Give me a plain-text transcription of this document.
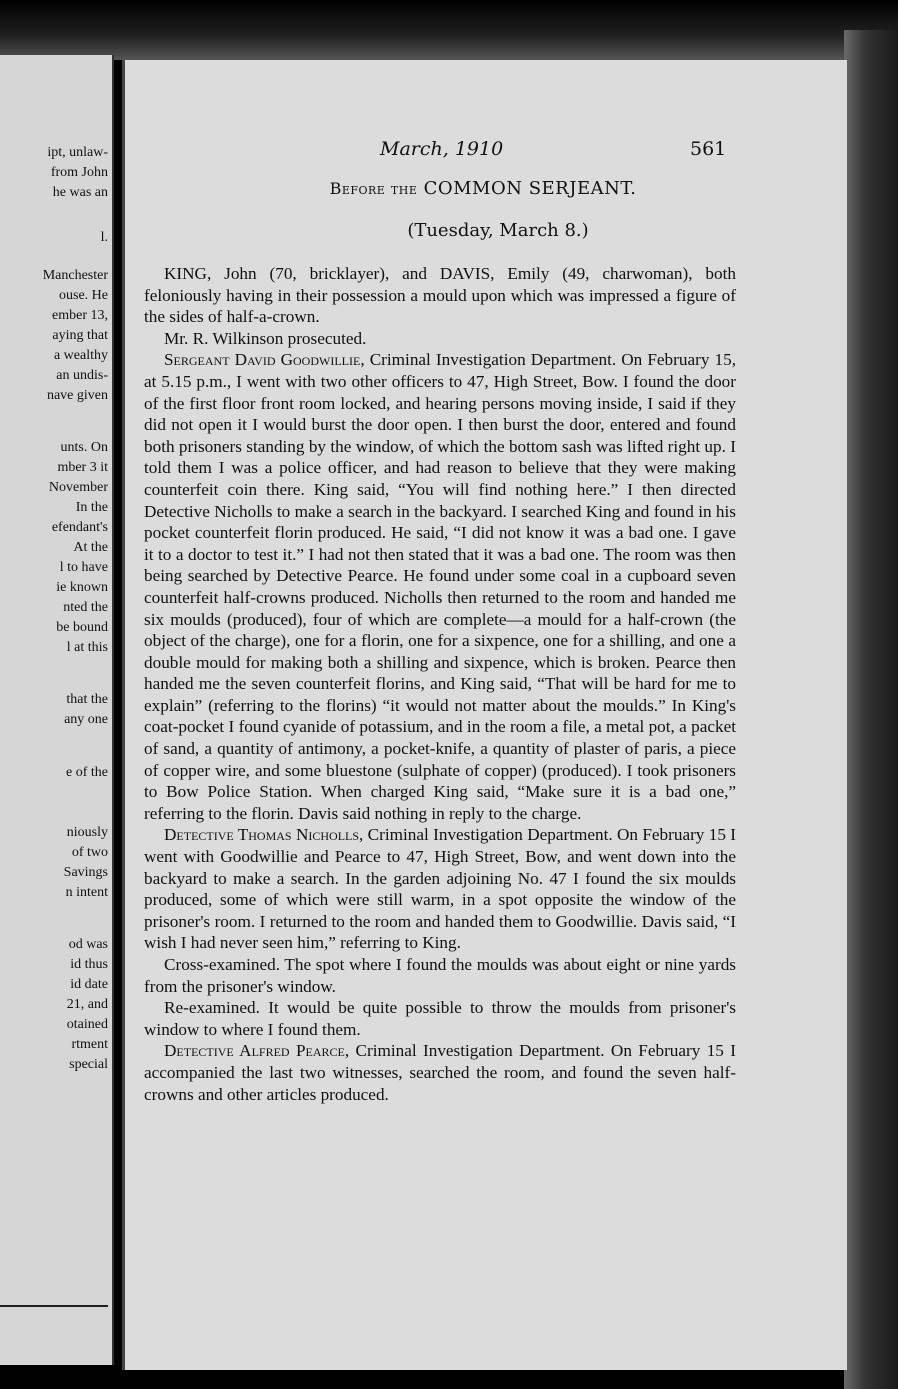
ipt, unlaw-
from John
he was an
l.
Manchester
ouse. He
ember 13,
aying that
a wealthy
an undis-
nave given
unts. On
mber 3 it
November
In the
efendant's
At the
l to have
ie known
nted the
be bound
l at this
that the
any one
e of the
niously
of two
Savings
n intent
od was
id thus
id date
21, and
otained
rtment
special
March, 1910	561
Before the COMMON SERJEANT.
(Tuesday, March 8.)

KING, John (70, bricklayer), and DAVIS, Emily (49, charwoman), both feloniously having in their possession a mould upon which was impressed a figure of the sides of half-a-crown.

Mr. R. Wilkinson prosecuted.

Sergeant David Goodwillie, Criminal Investigation Department. On February 15, at 5.15 p.m., I went with two other officers to 47, High Street, Bow. I found the door of the first floor front room locked, and hearing persons moving inside, I said if they did not open it I would burst the door open. I then burst the door, entered and found both prisoners standing by the window, of which the bottom sash was lifted right up. I told them I was a police officer, and had reason to believe that they were making counterfeit coin there. King said, “You will find nothing here.” I then directed Detective Nicholls to make a search in the backyard. I searched King and found in his pocket counterfeit florin produced. He said, “I did not know it was a bad one. I gave it to a doctor to test it.” I had not then stated that it was a bad one. The room was then being searched by Detective Pearce. He found under some coal in a cupboard seven counterfeit half-crowns produced. Nicholls then returned to the room and handed me six moulds (produced), four of which are complete—a mould for a half-crown (the object of the charge), one for a florin, one for a sixpence, one for a shilling, and one a double mould for making both a shilling and sixpence, which is broken. Pearce then handed me the seven counterfeit florins, and King said, “That will be hard for me to explain” (referring to the florins) “it would not matter about the moulds.” In King's coat-pocket I found cyanide of potassium, and in the room a file, a metal pot, a packet of sand, a quantity of antimony, a pocket-knife, a quantity of plaster of paris, a piece of copper wire, and some bluestone (sulphate of copper) (produced). I took prisoners to Bow Police Station. When charged King said, “Make sure it is a bad one,” referring to the florin. Davis said nothing in reply to the charge.

Detective Thomas Nicholls, Criminal Investigation Department. On February 15 I went with Goodwillie and Pearce to 47, High Street, Bow, and went down into the backyard to make a search. In the garden adjoining No. 47 I found the six moulds produced, some of which were still warm, in a spot opposite the window of the prisoner's room. I returned to the room and handed them to Goodwillie. Davis said, “I wish I had never seen him,” referring to King.

Cross-examined. The spot where I found the moulds was about eight or nine yards from the prisoner's window.

Re-examined. It would be quite possible to throw the moulds from prisoner's window to where I found them.

Detective Alfred Pearce, Criminal Investigation Department. On February 15 I accompanied the last two witnesses, searched the room, and found the seven half-crowns and other articles produced.
